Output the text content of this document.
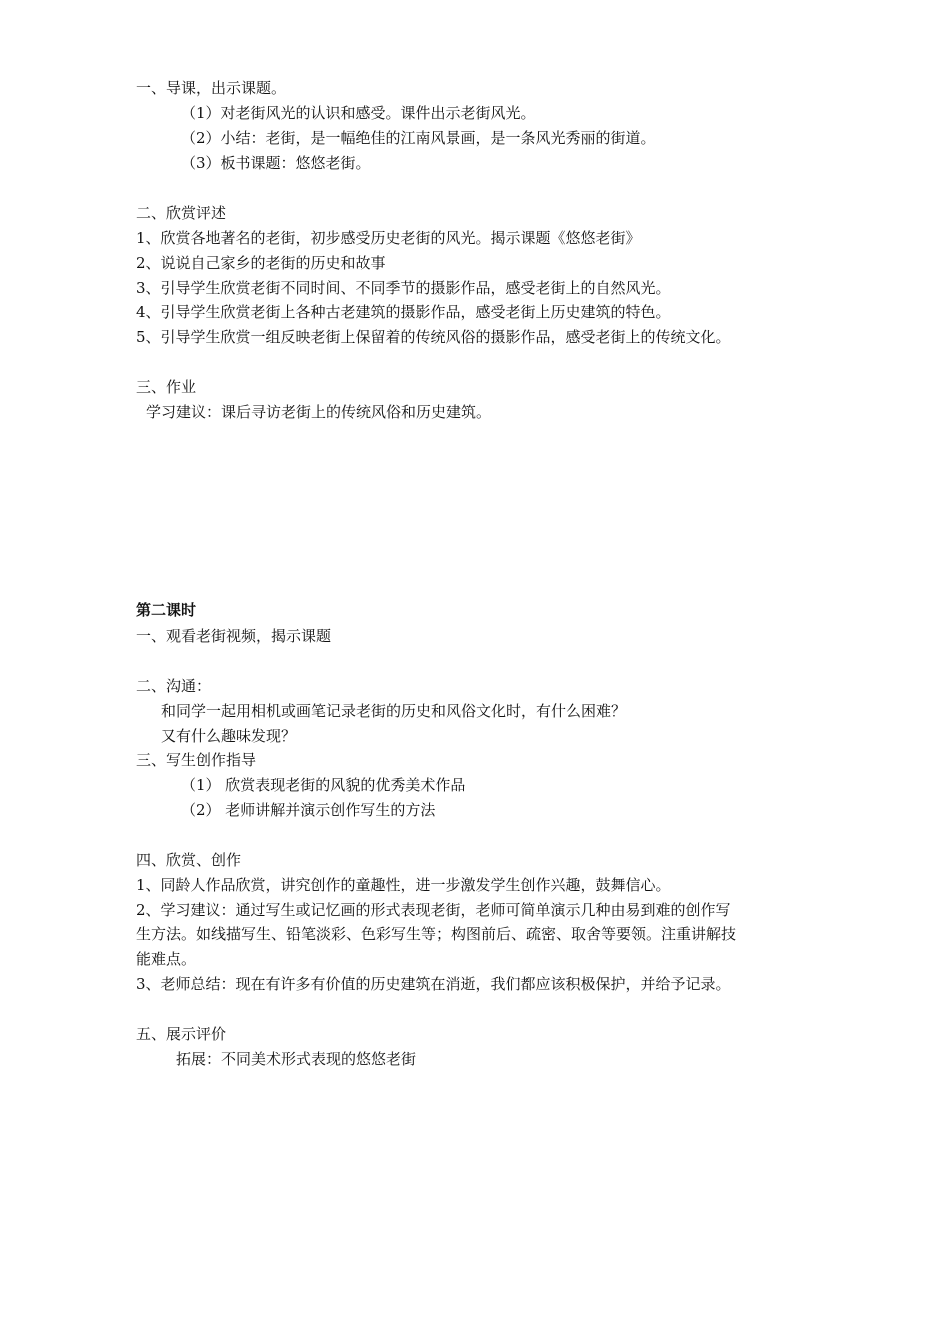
一、导课，出示课题。
（1）对老街风光的认识和感受。课件出示老街风光。
（2）小结：老街，是一幅绝佳的江南风景画，是一条风光秀丽的街道。
（3）板书课题：悠悠老街。
二、欣赏评述
1、欣赏各地著名的老街，初步感受历史老街的风光。揭示课题《悠悠老街》
2、说说自己家乡的老街的历史和故事
3、引导学生欣赏老街不同时间、不同季节的摄影作品，感受老街上的自然风光。
4、引导学生欣赏老街上各种古老建筑的摄影作品，感受老街上历史建筑的特色。
5、引导学生欣赏一组反映老街上保留着的传统风俗的摄影作品，感受老街上的传统文化。
三、作业
学习建议：课后寻访老街上的传统风俗和历史建筑。
第二课时
一、观看老街视频，揭示课题
二、沟通：
和同学一起用相机或画笔记录老街的历史和风俗文化时，有什么困难？
又有什么趣味发现？
三、写生创作指导
（1） 欣赏表现老街的风貌的优秀美术作品
（2） 老师讲解并演示创作写生的方法
四、欣赏、创作
1、同龄人作品欣赏，讲究创作的童趣性，进一步激发学生创作兴趣，鼓舞信心。
2、学习建议：通过写生或记忆画的形式表现老街，老师可简单演示几种由易到难的创作写
生方法。如线描写生、铅笔淡彩、色彩写生等；构图前后、疏密、取舍等要领。注重讲解技
能难点。
3、老师总结：现在有许多有价值的历史建筑在消逝，我们都应该积极保护，并给予记录。
五、展示评价
拓展：不同美术形式表现的悠悠老街
